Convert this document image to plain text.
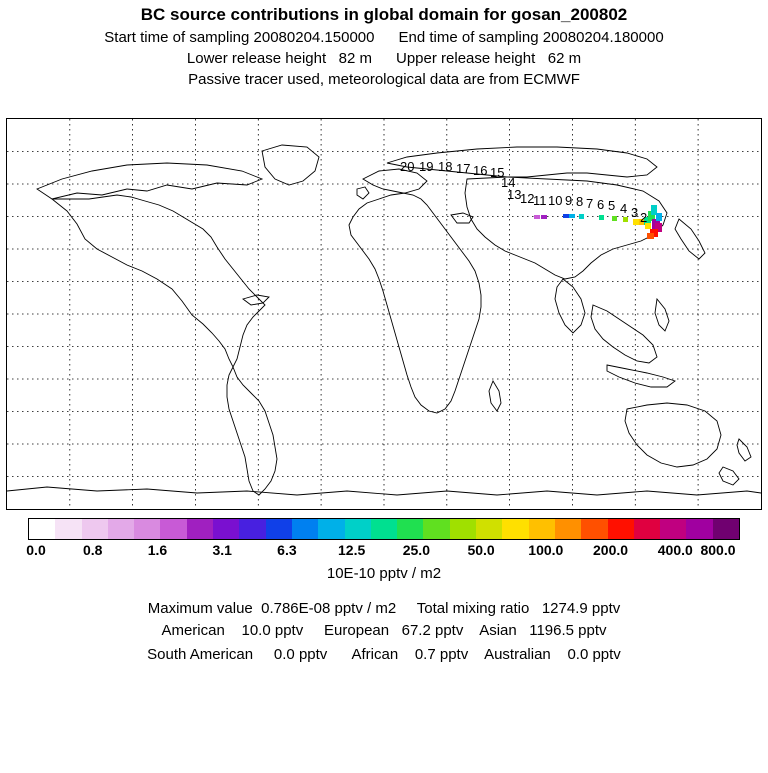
BC source contributions in global domain for gosan_200802
Start time of sampling 20080204.150000 End time of sampling 20080204.180000
Lower release height   82 m Upper release height   62 m
Passive tracer used, meteorological data are from ECMWF
20 19 18 17 16 15
14
13
12
11 10 9 8 7 6 5 4 3 2
0.0	0.8	1.6	3.1	6.3	12.5	25.0	50.0 100.0 200.0 400.0 800.0
10E-10 pptv / m2
Maximum value 0.786E-08 pptv / m2 Total mixing ratio 1274.9 pptv
American 10.0 pptv European 67.2 pptv Asian 1196.5 pptv
South American 0.0 pptv African 0.7 pptv Australian 0.0 pptv
